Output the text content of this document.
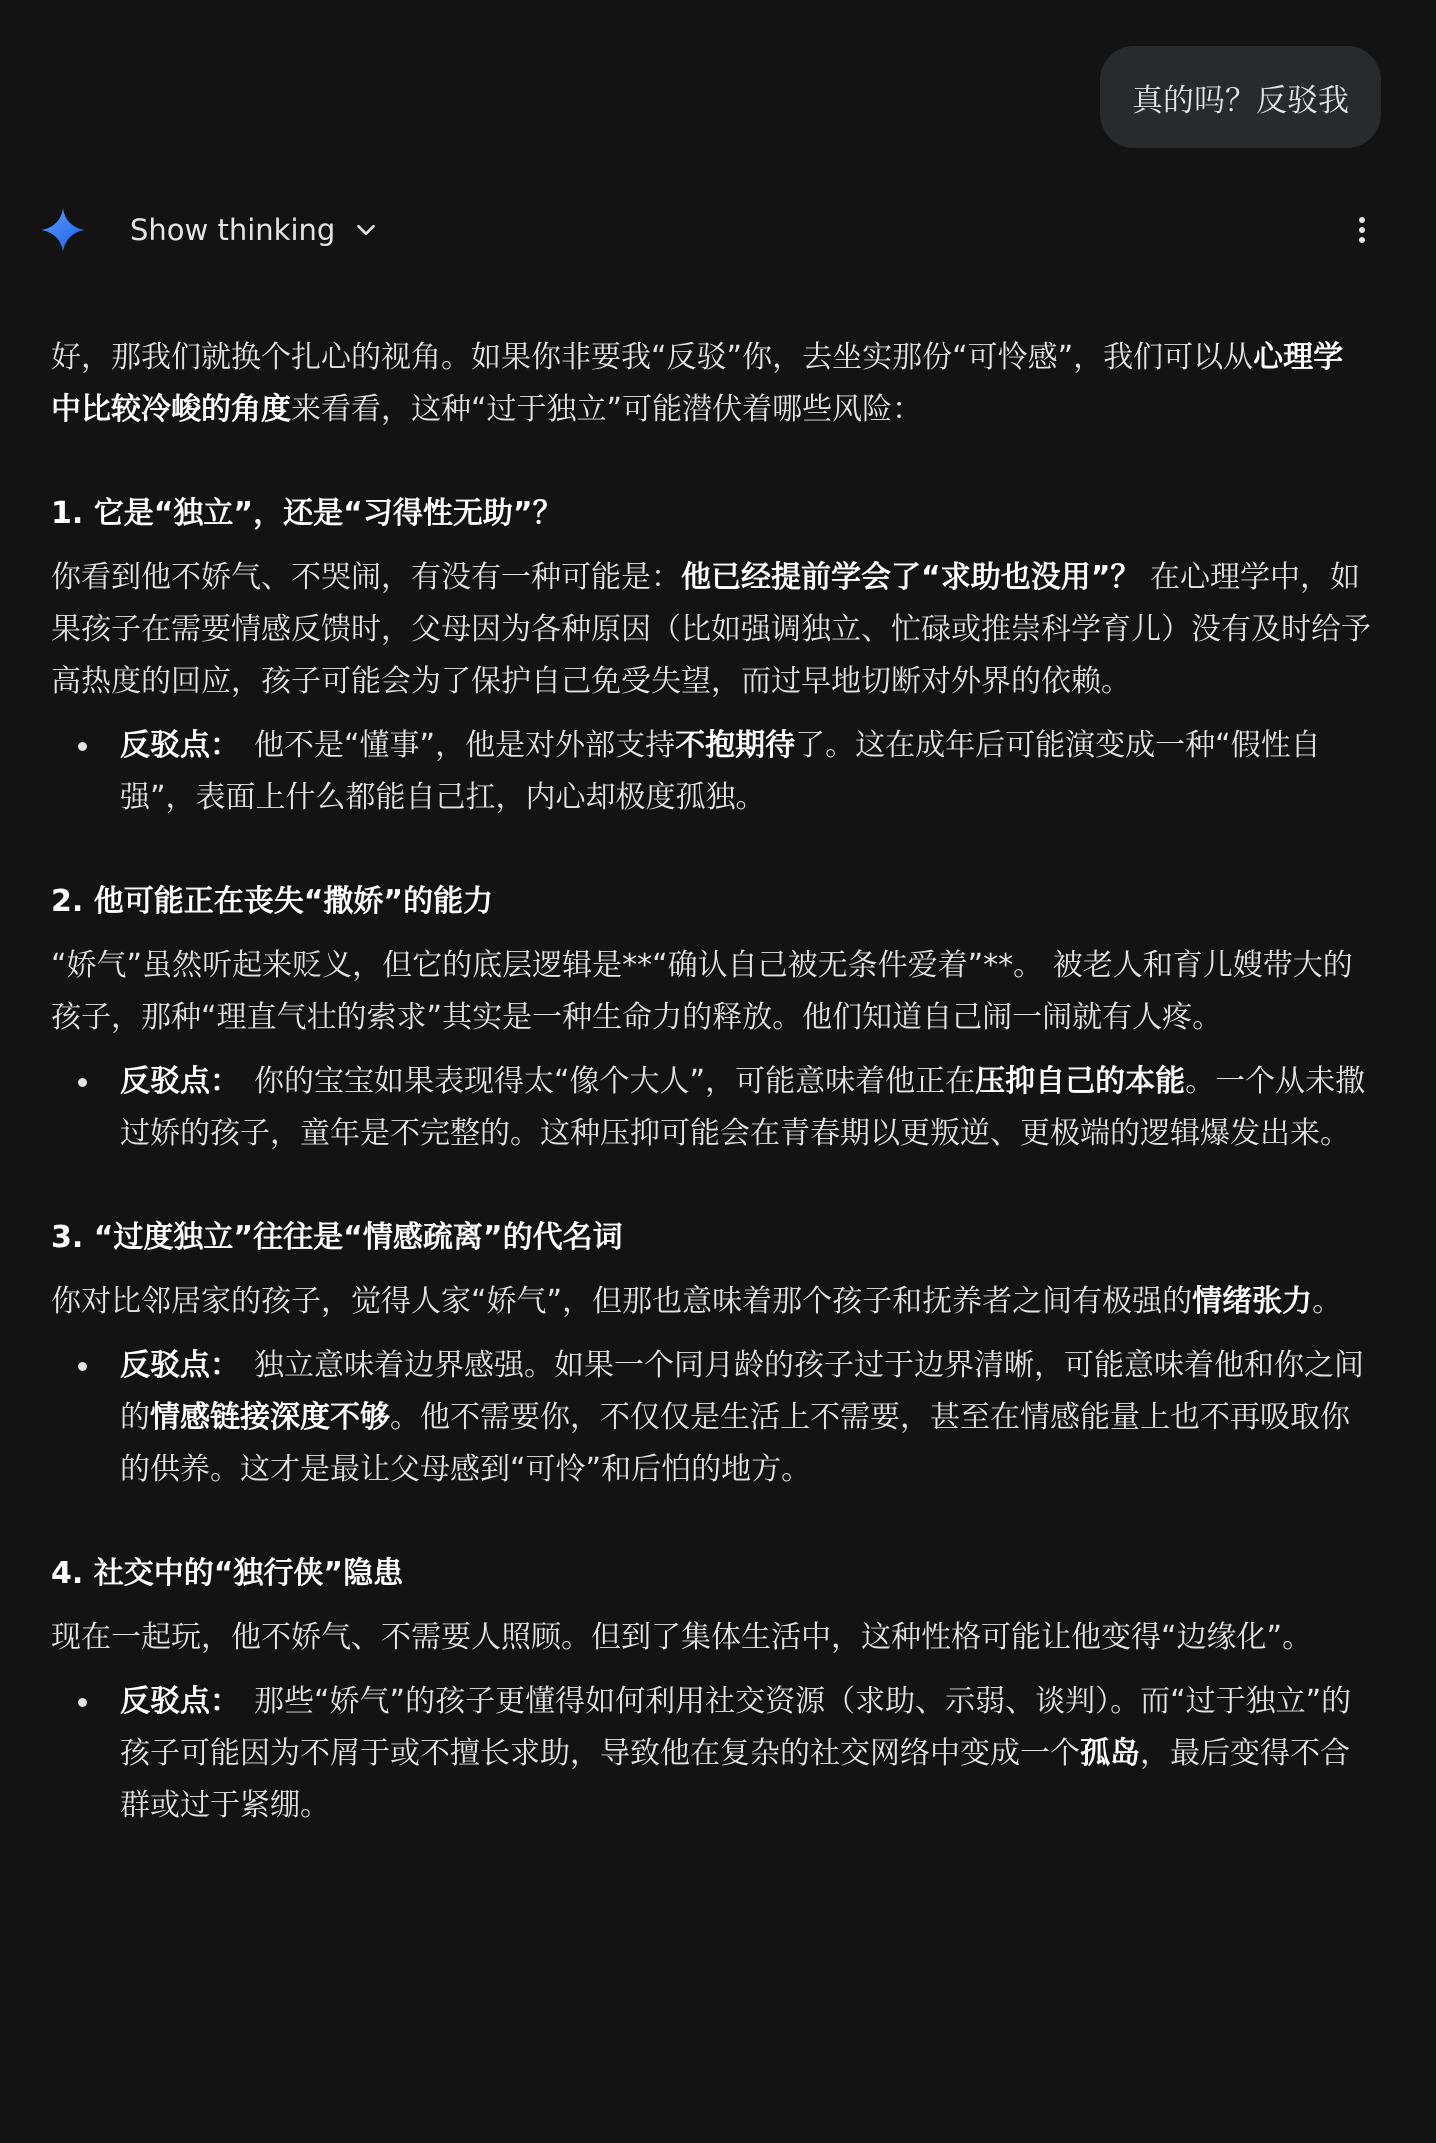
真的吗？反驳我
Show thinking

好，那我们就换个扎心的视角。如果你非要我“反驳”你，去坐实那份“可怜感”，我们可以从心理学中比较冷峻的角度来看看，这种“过于独立”可能潜伏着哪些风险：

1. 它是“独立”，还是“习得性无助”？

你看到他不娇气、不哭闹，有没有一种可能是：他已经提前学会了“求助也没用”？ 在心理学中，如果孩子在需要情感反馈时，父母因为各种原因（比如强调独立、忙碌或推崇科学育儿）没有及时给予高热度的回应，孩子可能会为了保护自己免受失望，而过早地切断对外界的依赖。

反驳点： 他不是“懂事”，他是对外部支持不抱期待了。这在成年后可能演变成一种“假性自强”，表面上什么都能自己扛，内心却极度孤独。

2. 他可能正在丧失“撒娇”的能力

“娇气”虽然听起来贬义，但它的底层逻辑是**“确认自己被无条件爱着”**。 被老人和育儿嫂带大的孩子，那种“理直气壮的索求”其实是一种生命力的释放。他们知道自己闹一闹就有人疼。

反驳点： 你的宝宝如果表现得太“像个大人”，可能意味着他正在压抑自己的本能。一个从未撒过娇的孩子，童年是不完整的。这种压抑可能会在青春期以更叛逆、更极端的逻辑爆发出来。

3. “过度独立”往往是“情感疏离”的代名词

你对比邻居家的孩子，觉得人家“娇气”，但那也意味着那个孩子和抚养者之间有极强的情绪张力。

反驳点： 独立意味着边界感强。如果一个同月龄的孩子过于边界清晰，可能意味着他和你之间的情感链接深度不够。他不需要你，不仅仅是生活上不需要，甚至在情感能量上也不再吸取你的供养。这才是最让父母感到“可怜”和后怕的地方。

4. 社交中的“独行侠”隐患

现在一起玩，他不娇气、不需要人照顾。但到了集体生活中，这种性格可能让他变得“边缘化”。

反驳点： 那些“娇气”的孩子更懂得如何利用社交资源（求助、示弱、谈判）。而“过于独立”的孩子可能因为不屑于或不擅长求助，导致他在复杂的社交网络中变成一个孤岛，最后变得不合群或过于紧绷。
